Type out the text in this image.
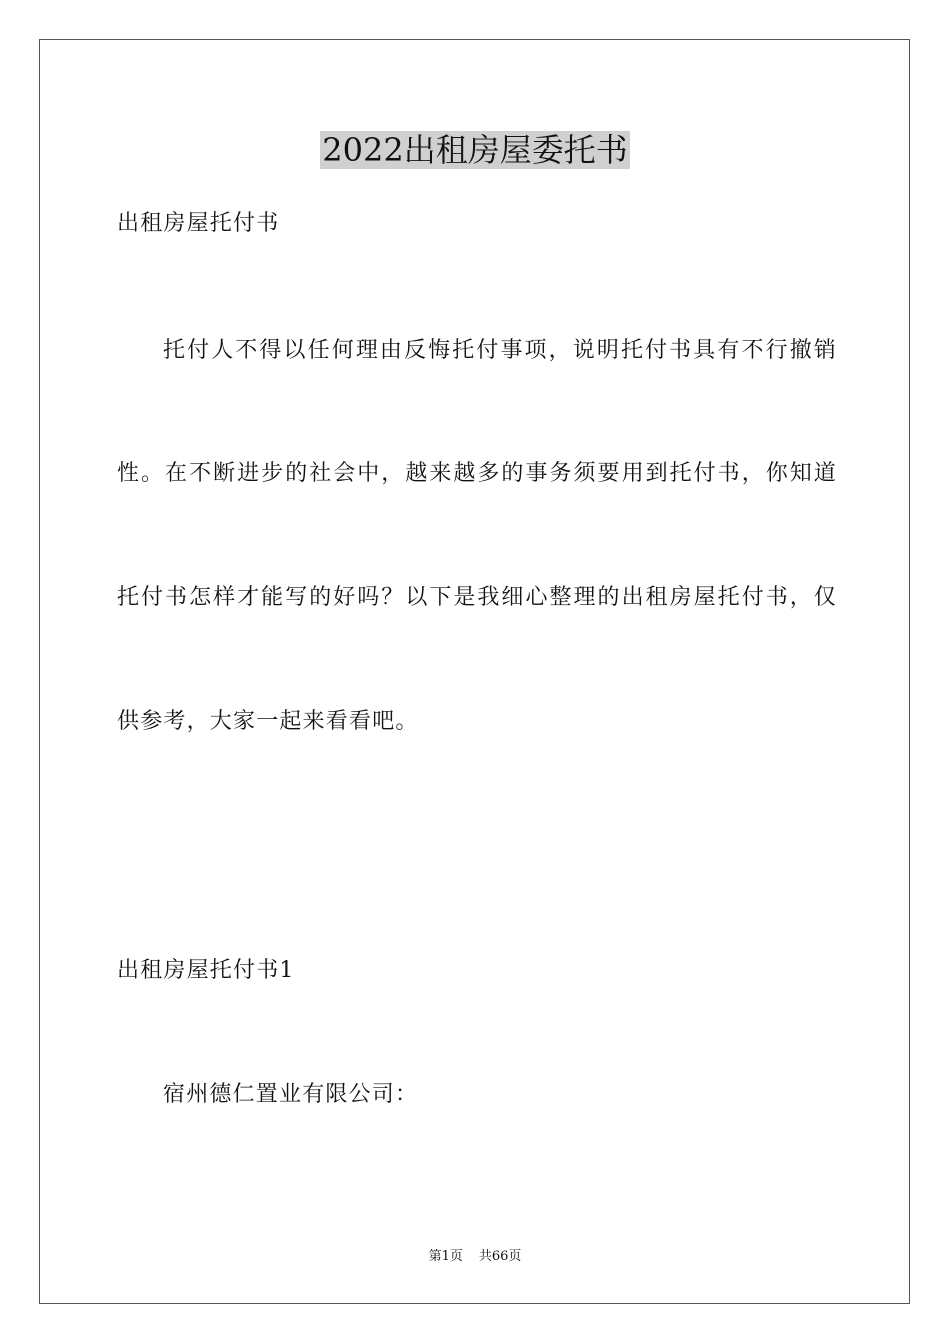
2022出租房屋委托书
出租房屋托付书
托付人不得以任何理由反悔托付事项，说明托付书具有不行撤销
性。在不断进步的社会中，越来越多的事务须要用到托付书，你知道
托付书怎样才能写的好吗？以下是我细心整理的出租房屋托付书，仅
供参考，大家一起来看看吧。
出租房屋托付书1
宿州德仁置业有限公司：
第1页 共66页
